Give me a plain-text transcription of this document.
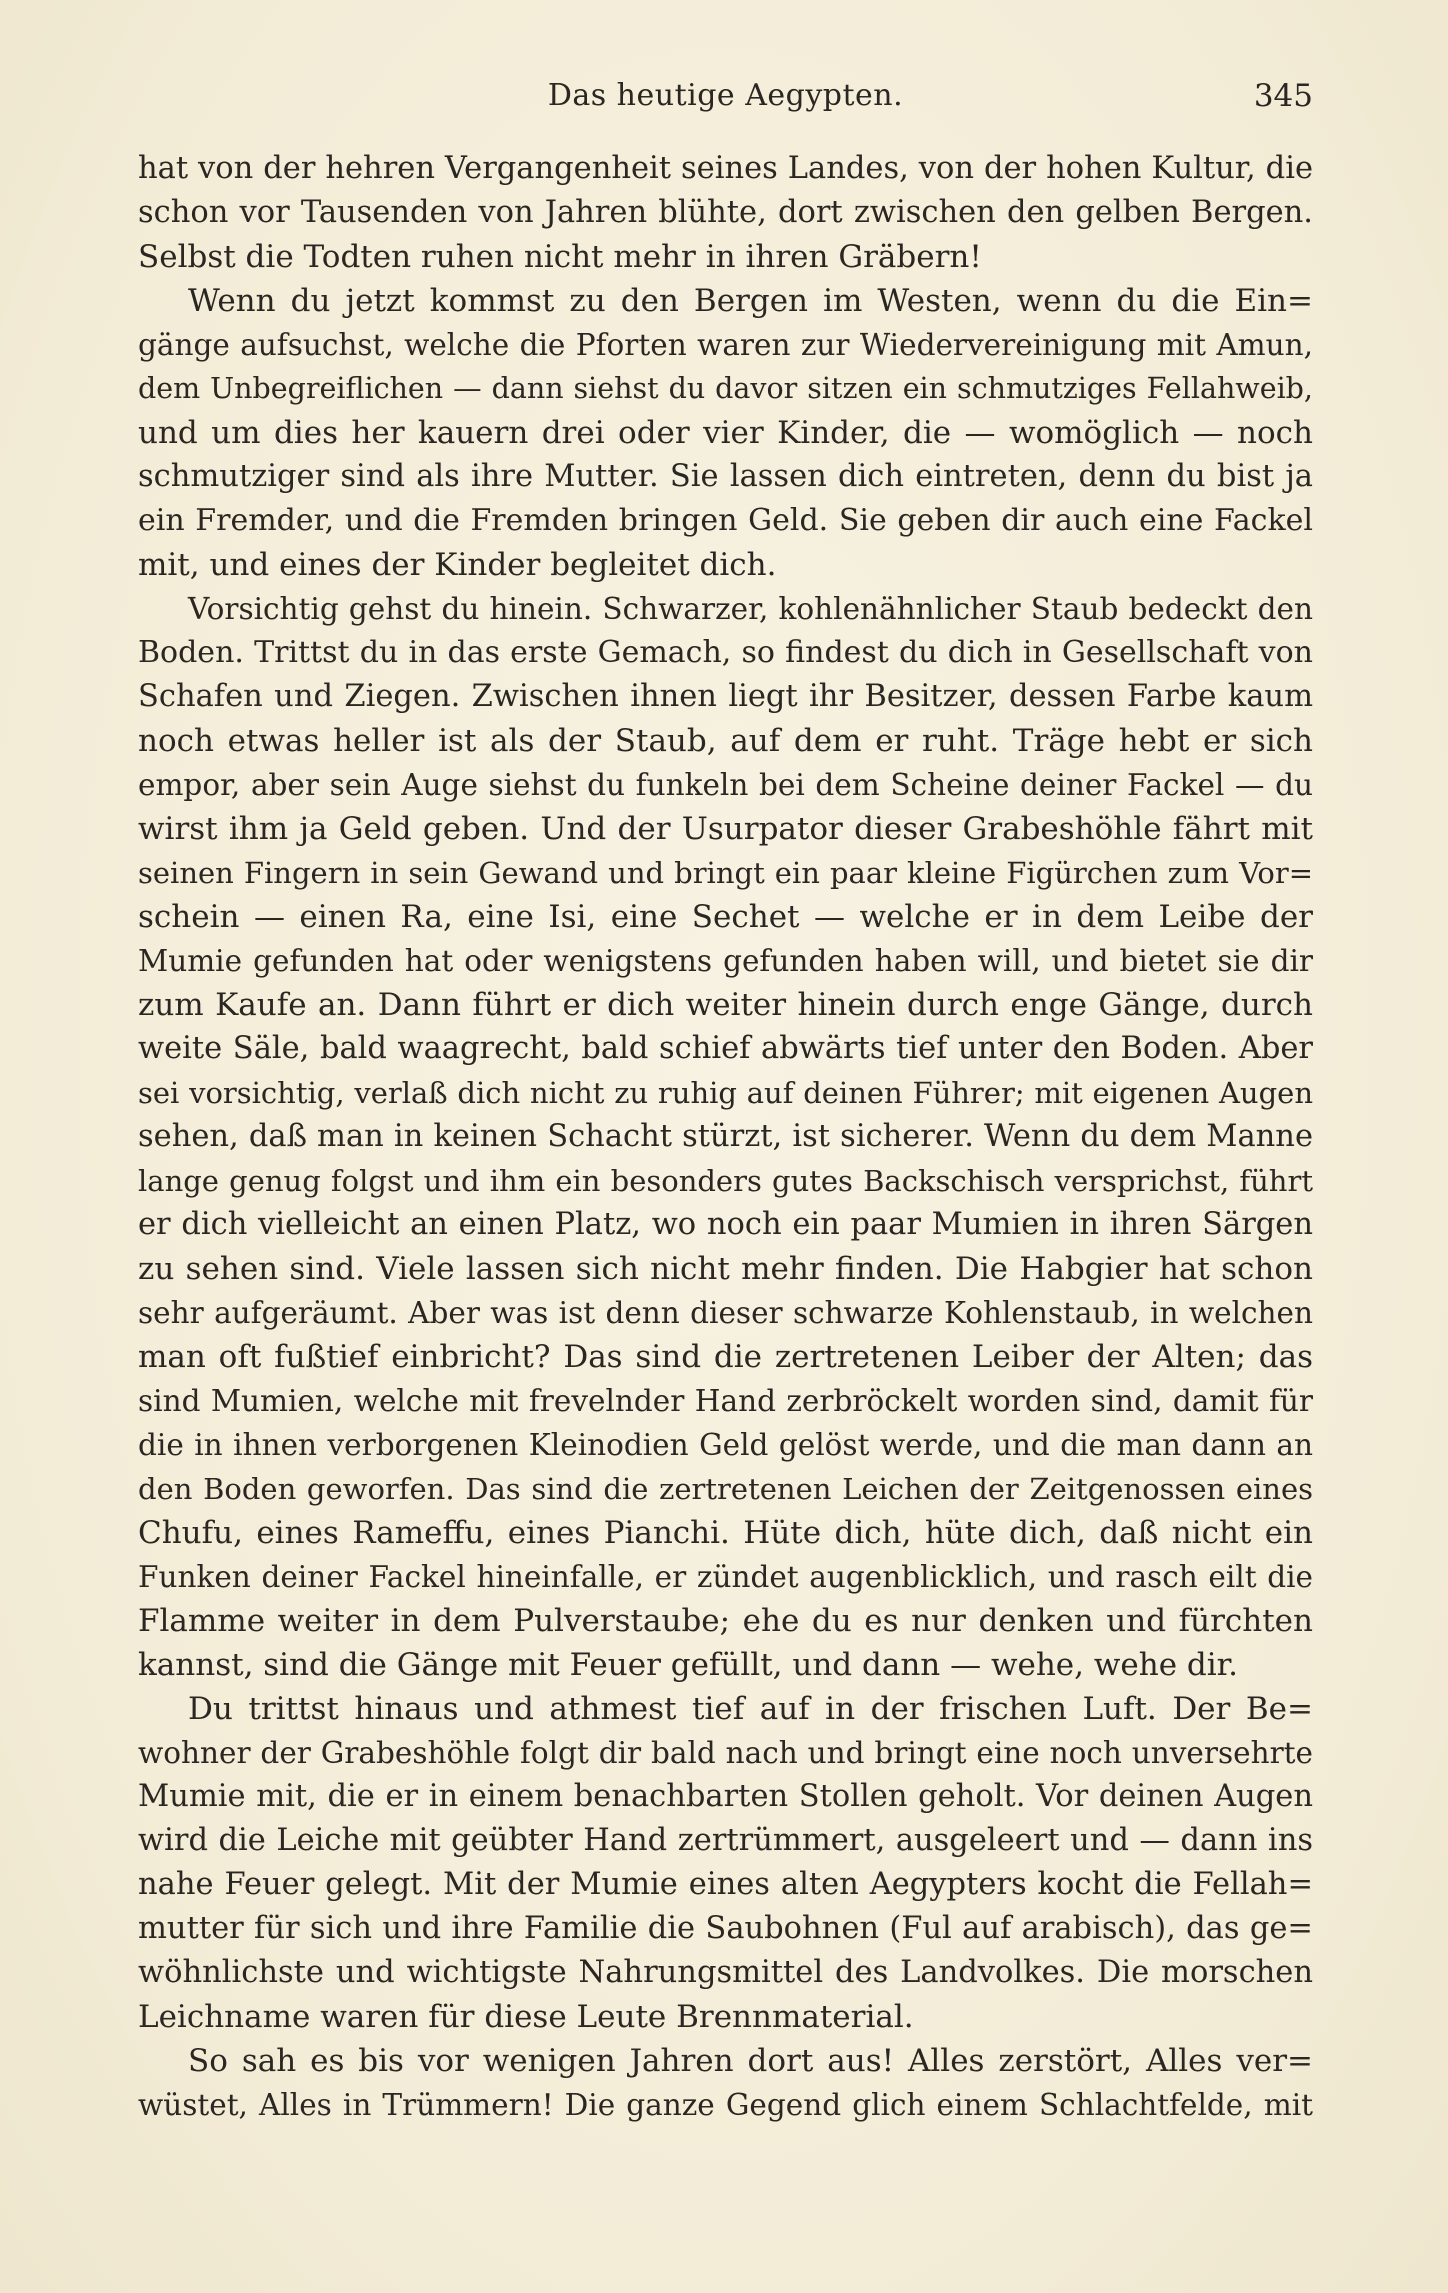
Das heutige Aegypten.	345
hat von der hehren Vergangenheit seines Landes, von der hohen Kultur, die
schon vor Tausenden von Jahren blühte, dort zwischen den gelben Bergen.
Selbst die Todten ruhen nicht mehr in ihren Gräbern!
Wenn du jetzt kommst zu den Bergen im Westen, wenn du die Ein=
gänge aufsuchst, welche die Pforten waren zur Wiedervereinigung mit Amun,
dem Unbegreiflichen — dann siehst du davor sitzen ein schmutziges Fellahweib,
und um dies her kauern drei oder vier Kinder, die — womöglich — noch
schmutziger sind als ihre Mutter. Sie lassen dich eintreten, denn du bist ja
ein Fremder, und die Fremden bringen Geld. Sie geben dir auch eine Fackel
mit, und eines der Kinder begleitet dich.
Vorsichtig gehst du hinein. Schwarzer, kohlenähnlicher Staub bedeckt den
Boden. Trittst du in das erste Gemach, so findest du dich in Gesellschaft von
Schafen und Ziegen. Zwischen ihnen liegt ihr Besitzer, dessen Farbe kaum
noch etwas heller ist als der Staub, auf dem er ruht. Träge hebt er sich
empor, aber sein Auge siehst du funkeln bei dem Scheine deiner Fackel — du
wirst ihm ja Geld geben. Und der Usurpator dieser Grabeshöhle fährt mit
seinen Fingern in sein Gewand und bringt ein paar kleine Figürchen zum Vor=
schein — einen Ra, eine Isi, eine Sechet — welche er in dem Leibe der
Mumie gefunden hat oder wenigstens gefunden haben will, und bietet sie dir
zum Kaufe an. Dann führt er dich weiter hinein durch enge Gänge, durch
weite Säle, bald waagrecht, bald schief abwärts tief unter den Boden. Aber
sei vorsichtig, verlaß dich nicht zu ruhig auf deinen Führer; mit eigenen Augen
sehen, daß man in keinen Schacht stürzt, ist sicherer. Wenn du dem Manne
lange genug folgst und ihm ein besonders gutes Backschisch versprichst, führt
er dich vielleicht an einen Platz, wo noch ein paar Mumien in ihren Särgen
zu sehen sind. Viele lassen sich nicht mehr finden. Die Habgier hat schon
sehr aufgeräumt. Aber was ist denn dieser schwarze Kohlenstaub, in welchen
man oft fußtief einbricht? Das sind die zertretenen Leiber der Alten; das
sind Mumien, welche mit frevelnder Hand zerbröckelt worden sind, damit für
die in ihnen verborgenen Kleinodien Geld gelöst werde, und die man dann an
den Boden geworfen. Das sind die zertretenen Leichen der Zeitgenossen eines
Chufu, eines Rameffu, eines Pianchi. Hüte dich, hüte dich, daß nicht ein
Funken deiner Fackel hineinfalle, er zündet augenblicklich, und rasch eilt die
Flamme weiter in dem Pulverstaube; ehe du es nur denken und fürchten
kannst, sind die Gänge mit Feuer gefüllt, und dann — wehe, wehe dir.
Du trittst hinaus und athmest tief auf in der frischen Luft. Der Be=
wohner der Grabeshöhle folgt dir bald nach und bringt eine noch unversehrte
Mumie mit, die er in einem benachbarten Stollen geholt. Vor deinen Augen
wird die Leiche mit geübter Hand zertrümmert, ausgeleert und — dann ins
nahe Feuer gelegt. Mit der Mumie eines alten Aegypters kocht die Fellah=
mutter für sich und ihre Familie die Saubohnen (Ful auf arabisch), das ge=
wöhnlichste und wichtigste Nahrungsmittel des Landvolkes. Die morschen
Leichname waren für diese Leute Brennmaterial.
So sah es bis vor wenigen Jahren dort aus! Alles zerstört, Alles ver=
wüstet, Alles in Trümmern! Die ganze Gegend glich einem Schlachtfelde, mit
